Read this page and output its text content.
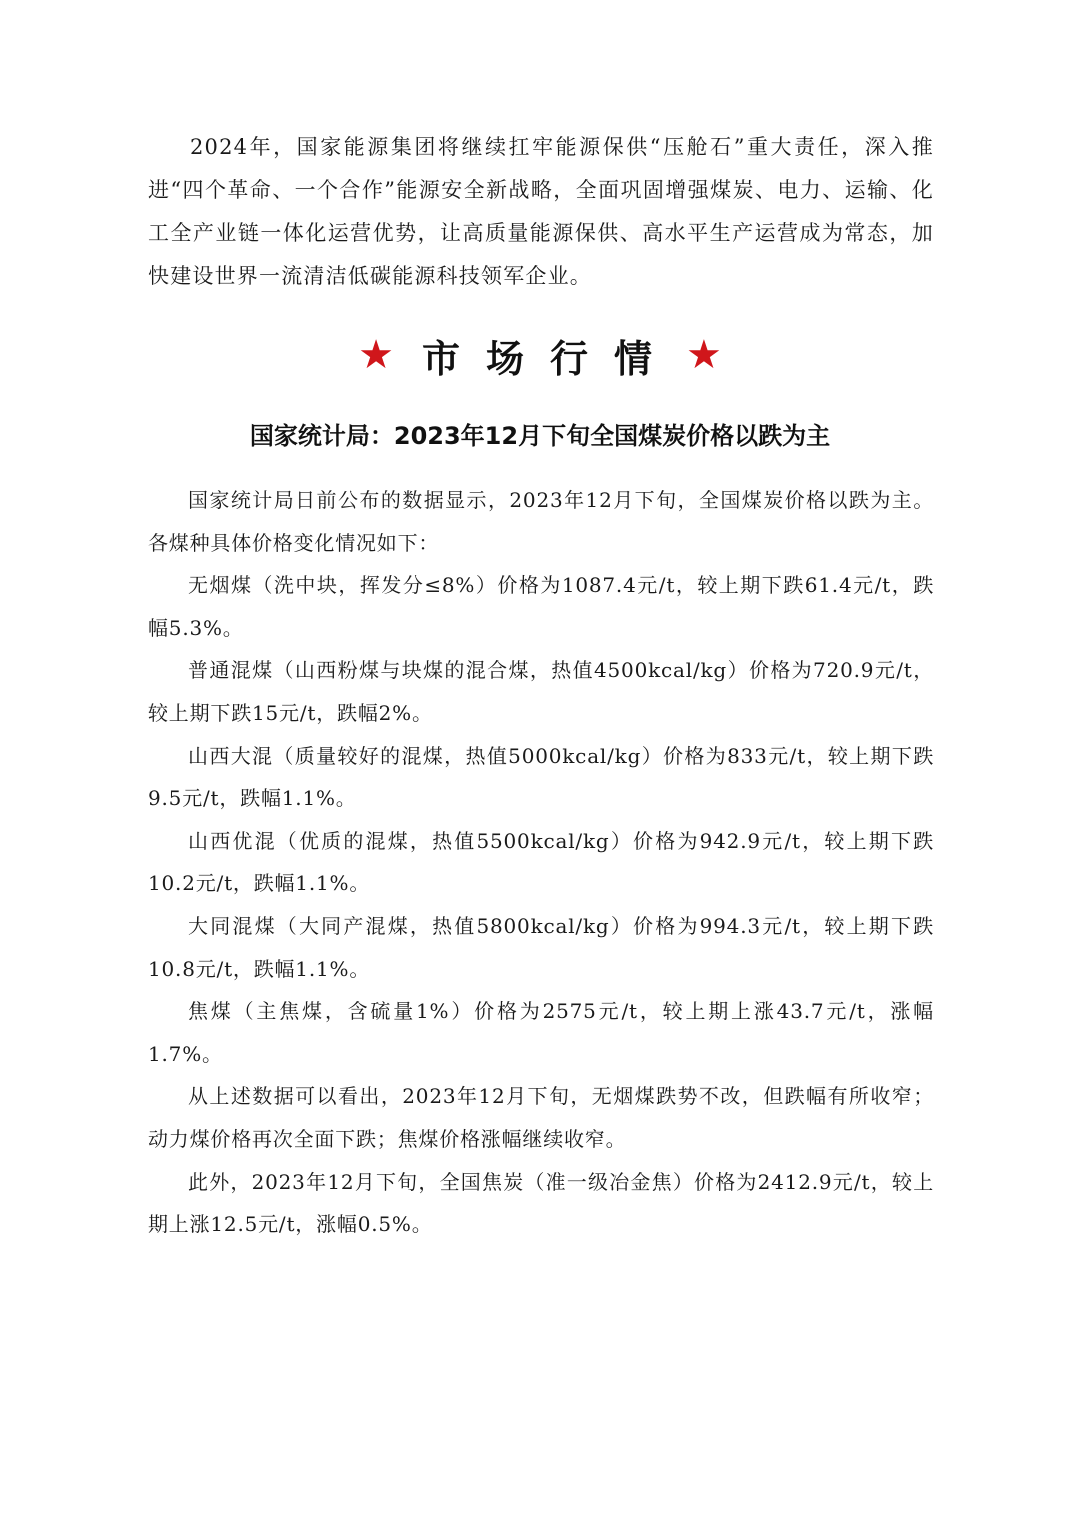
2024年，国家能源集团将继续扛牢能源保供“压舱石”重大责任，深入推进“四个革命、一个合作”能源安全新战略，全面巩固增强煤炭、电力、运输、化工全产业链一体化运营优势，让高质量能源保供、高水平生产运营成为常态，加快建设世界一流清洁低碳能源科技领军企业。

★ 市场行情 ★
国家统计局：2023年12月下旬全国煤炭价格以跌为主

国家统计局日前公布的数据显示，2023年12月下旬，全国煤炭价格以跌为主。各煤种具体价格变化情况如下：

无烟煤（洗中块，挥发分≤8%）价格为1087.4元/t，较上期下跌61.4元/t，跌幅5.3%。

普通混煤（山西粉煤与块煤的混合煤，热值4500kcal/kg）价格为720.9元/t，较上期下跌15元/t，跌幅2%。

山西大混（质量较好的混煤，热值5000kcal/kg）价格为833元/t，较上期下跌9.5元/t，跌幅1.1%。

山西优混（优质的混煤，热值5500kcal/kg）价格为942.9元/t，较上期下跌10.2元/t，跌幅1.1%。

大同混煤（大同产混煤，热值5800kcal/kg）价格为994.3元/t，较上期下跌10.8元/t，跌幅1.1%。

焦煤（主焦煤，含硫量1%）价格为2575元/t，较上期上涨43.7元/t，涨幅1.7%。

从上述数据可以看出，2023年12月下旬，无烟煤跌势不改，但跌幅有所收窄；动力煤价格再次全面下跌；焦煤价格涨幅继续收窄。

此外，2023年12月下旬，全国焦炭（准一级冶金焦）价格为2412.9元/t，较上期上涨12.5元/t，涨幅0.5%。
